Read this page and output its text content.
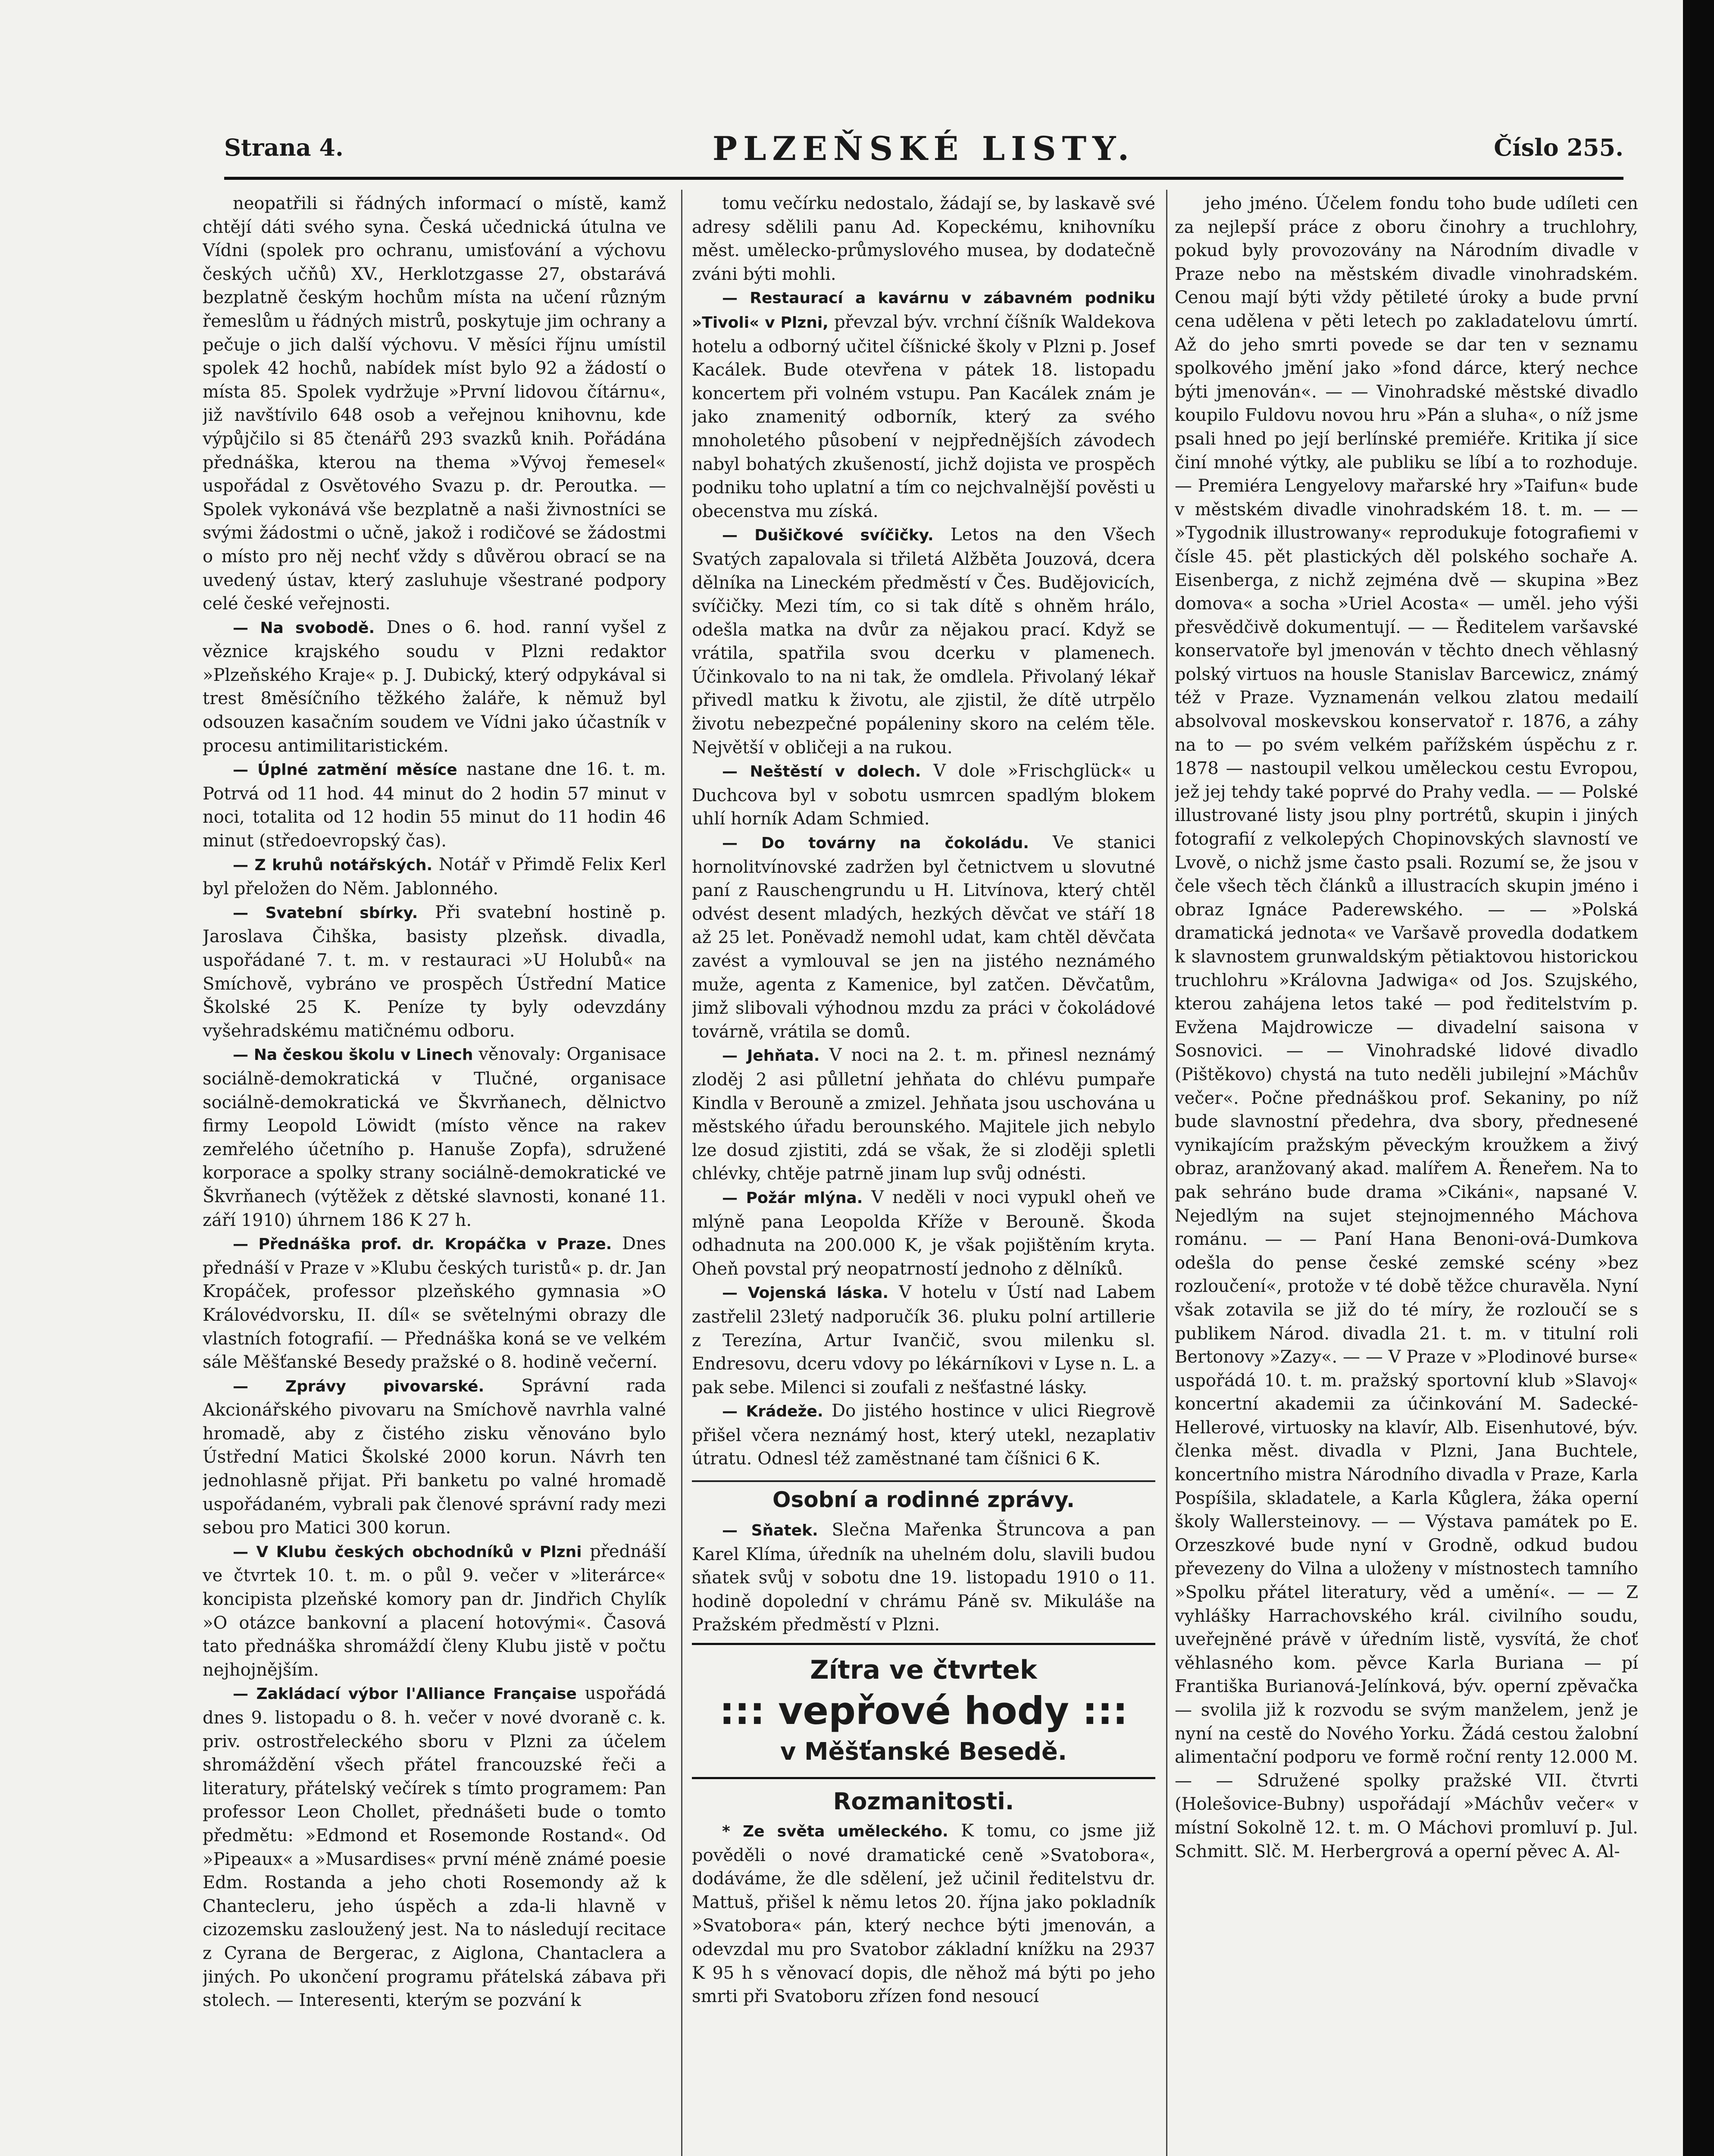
Strana 4.	PLZEŇSKÉ LISTY.	Číslo 255.

neopatřili si řádných informací o místě, kamž chtějí dáti svého syna. Česká učednická útulna ve Vídni (spolek pro ochranu, umisťování a výchovu českých učňů) XV., Herklotzgasse 27, obstarává bezplatně českým hochům místa na učení různým řemeslům u řádných mistrů, poskytuje jim ochrany a pečuje o jich další výchovu. V měsíci říjnu umístil spolek 42 hochů, nabídek míst bylo 92 a žádostí o místa 85. Spolek vydržuje »První lidovou čítárnu«, již navštívilo 648 osob a veřejnou knihovnu, kde výpůjčilo si 85 čtenářů 293 svazků knih. Pořádána přednáška, kterou na thema »Vývoj řemesel« uspořádal z Osvětového Svazu p. dr. Peroutka. — Spolek vykonává vše bezplatně a naši živnostníci se svými žádostmi o učně, jakož i rodičové se žádostmi o místo pro něj nechť vždy s důvěrou obrací se na uvedený ústav, který zasluhuje všestrané podpory celé české veřejnosti.

— Na svobodě. Dnes o 6. hod. ranní vyšel z věznice krajského soudu v Plzni redaktor »Plzeňského Kraje« p. J. Dubický, který odpykával si trest 8měsíčního těžkého žaláře, k němuž byl odsouzen kasačním soudem ve Vídni jako účastník v procesu antimilitaristickém.

— Úplné zatmění měsíce nastane dne 16. t. m. Potrvá od 11 hod. 44 minut do 2 hodin 57 minut v noci, totalita od 12 hodin 55 minut do 11 hodin 46 minut (středoevropský čas).

— Z kruhů notářských. Notář v Přimdě Felix Kerl byl přeložen do Něm. Jablonného.

— Svatební sbírky. Při svatební hostině p. Jaroslava Čihška, basisty plzeňsk. divadla, uspořádané 7. t. m. v restauraci »U Holubů« na Smíchově, vybráno ve prospěch Ústřední Matice Školské 25 K. Peníze ty byly odevzdány vyšehradskému matičnému odboru.

— Na českou školu v Linech věnovaly: Organisace sociálně-demokratická v Tlučné, organisace sociálně-demokratická ve Škvrňanech, dělnictvo firmy Leopold Löwidt (místo věnce na rakev zemřelého účetního p. Hanuše Zopfa), sdružené korporace a spolky strany sociálně-demokratické ve Škvrňanech (výtěžek z dětské slavnosti, konané 11. září 1910) úhrnem 186 K 27 h.

— Přednáška prof. dr. Kropáčka v Praze. Dnes přednáší v Praze v »Klubu českých turistů« p. dr. Jan Kropáček, professor plzeňského gymnasia »O Královédvorsku, II. díl« se světelnými obrazy dle vlastních fotografií. — Přednáška koná se ve velkém sále Měšťanské Besedy pražské o 8. hodině večerní.

— Zprávy pivovarské. Správní rada Akcionářského pivovaru na Smíchově navrhla valné hromadě, aby z čistého zisku věnováno bylo Ústřední Matici Školské 2000 korun. Návrh ten jednohlasně přijat. Při banketu po valné hromadě uspořádaném, vybrali pak členové správní rady mezi sebou pro Matici 300 korun.

— V Klubu českých obchodníků v Plzni přednáší ve čtvrtek 10. t. m. o půl 9. večer v »literárce« koncipista plzeňské komory pan dr. Jindřich Chylík »O otázce bankovní a placení hotovými«. Časová tato přednáška shromáždí členy Klubu jistě v počtu nejhojnějším.

— Zakládací výbor l'Alliance Française uspořádá dnes 9. listopadu o 8. h. večer v nové dvoraně c. k. priv. ostrostřeleckého sboru v Plzni za účelem shromáždění všech přátel francouzské řeči a literatury, přátelský večírek s tímto programem: Pan professor Leon Chollet, přednášeti bude o tomto předmětu: »Edmond et Rosemonde Rostand«. Od »Pipeaux« a »Musardises« první méně známé poesie Edm. Rostanda a jeho choti Rosemondy až k Chantecleru, jeho úspěch a zda-li hlavně v cizozemsku zasloužený jest. Na to následují recitace z Cyrana de Bergerac, z Aiglona, Chantaclera a jiných. Po ukončení programu přátelská zábava při stolech. — Interesenti, kterým se pozvání k

tomu večírku nedostalo, žádají se, by laskavě své adresy sdělili panu Ad. Kopeckému, knihovníku měst. umělecko-průmyslového musea, by dodatečně zváni býti mohli.

— Restaurací a kavárnu v zábavném podniku »Tivoli« v Plzni, převzal býv. vrchní číšník Waldekova hotelu a odborný učitel číšnické školy v Plzni p. Josef Kacálek. Bude otevřena v pátek 18. listopadu koncertem při volném vstupu. Pan Kacálek znám je jako znamenitý odborník, který za svého mnoholetého působení v nejpřednějších závodech nabyl bohatých zkušeností, jichž dojista ve prospěch podniku toho uplatní a tím co nejchvalnější pověsti u obecenstva mu získá.

— Dušičkové svíčičky. Letos na den Všech Svatých zapalovala si třiletá Alžběta Jouzová, dcera dělníka na Lineckém předměstí v Čes. Budějovicích, svíčičky. Mezi tím, co si tak dítě s ohněm hrálo, odešla matka na dvůr za nějakou prací. Když se vrátila, spatřila svou dcerku v plamenech. Účinkovalo to na ni tak, že omdlela. Přivolaný lékař přivedl matku k životu, ale zjistil, že dítě utrpělo životu nebezpečné popáleniny skoro na celém těle. Největší v obličeji a na rukou.

— Neštěstí v dolech. V dole »Frischglück« u Duchcova byl v sobotu usmrcen spadlým blokem uhlí horník Adam Schmied.

— Do továrny na čokoládu. Ve stanici hornolitvínovské zadržen byl četnictvem u slovutné paní z Rauschengrundu u H. Litvínova, který chtěl odvést desent mladých, hezkých děvčat ve stáří 18 až 25 let. Poněvadž nemohl udat, kam chtěl děvčata zavést a vymlouval se jen na jistého neznámého muže, agenta z Kamenice, byl zatčen. Děvčatům, jimž slibovali výhodnou mzdu za práci v čokoládové továrně, vrátila se domů.

— Jehňata. V noci na 2. t. m. přinesl neznámý zloděj 2 asi půlletní jehňata do chlévu pumpaře Kindla v Berouně a zmizel. Jehňata jsou uschována u městského úřadu berounského. Majitele jich nebylo lze dosud zjistiti, zdá se však, že si zloději spletli chlévky, chtěje patrně jinam lup svůj odnésti.

— Požár mlýna. V neděli v noci vypukl oheň ve mlýně pana Leopolda Kříže v Berouně. Škoda odhadnuta na 200.000 K, je však pojištěním kryta. Oheň povstal prý neopatrností jednoho z dělníků.

— Vojenská láska. V hotelu v Ústí nad Labem zastřelil 23letý nadporučík 36. pluku polní artillerie z Terezína, Artur Ivančič, svou milenku sl. Endresovu, dceru vdovy po lékárníkovi v Lyse n. L. a pak sebe. Milenci si zoufali z nešťastné lásky.

— Krádeže. Do jistého hostince v ulici Riegrově přišel včera neznámý host, který utekl, nezaplativ útratu. Odnesl též zaměstnané tam číšnici 6 K.

Osobní a rodinné zprávy.

— Sňatek. Slečna Mařenka Štruncova a pan Karel Klíma, úředník na uhelném dolu, slavili budou sňatek svůj v sobotu dne 19. listopadu 1910 o 11. hodině dopolední v chrámu Páně sv. Mikuláše na Pražském předměstí v Plzni.

Zítra ve čtvrtek
::: vepřové hody :::
v Měšťanské Besedě.
Rozmanitosti.

* Ze světa uměleckého. K tomu, co jsme již pověděli o nové dramatické ceně »Svatobora«, dodáváme, že dle sdělení, jež učinil ředitelstvu dr. Mattuš, přišel k němu letos 20. října jako pokladník »Svatobora« pán, který nechce býti jmenován, a odevzdal mu pro Svatobor základní knížku na 2937 K 95 h s věnovací dopis, dle něhož má býti po jeho smrti při Svatoboru zřízen fond nesoucí

jeho jméno. Účelem fondu toho bude udíleti cen za nejlepší práce z oboru činohry a truchlohry, pokud byly provozovány na Národním divadle v Praze nebo na městském divadle vinohradském. Cenou mají býti vždy pětileté úroky a bude první cena udělena v pěti letech po zakladatelovu úmrtí. Až do jeho smrti povede se dar ten v seznamu spolkového jmění jako »fond dárce, který nechce býti jmenován«. — — Vinohradské městské divadlo koupilo Fuldovu novou hru »Pán a sluha«, o níž jsme psali hned po její berlínské premiéře. Kritika jí sice činí mnohé výtky, ale publiku se líbí a to rozhoduje. — Premiéra Lengyelovy mařarské hry »Taifun« bude v městském divadle vinohradském 18. t. m. — — »Tygodnik illustrowany« reprodukuje fotografiemi v čísle 45. pět plastických děl polského sochaře A. Eisenberga, z nichž zejména dvě — skupina »Bez domova« a socha »Uriel Acosta« — uměl. jeho výši přesvědčivě dokumentují. — — Ředitelem varšavské konservatoře byl jmenován v těchto dnech věhlasný polský virtuos na housle Stanislav Barcewicz, známý též v Praze. Vyznamenán velkou zlatou medailí absolvoval moskevskou konservatoř r. 1876, a záhy na to — po svém velkém pařížském úspěchu z r. 1878 — nastoupil velkou uměleckou cestu Evropou, jež jej tehdy také poprvé do Prahy vedla. — — Polské illustrované listy jsou plny portrétů, skupin i jiných fotografií z velkolepých Chopinovských slavností ve Lvově, o nichž jsme často psali. Rozumí se, že jsou v čele všech těch článků a illustracích skupin jméno i obraz Ignáce Paderewského. — — »Polská dramatická jednota« ve Varšavě provedla dodatkem k slavnostem grunwaldským pětiaktovou historickou truchlohru »Královna Jadwiga« od Jos. Szujského, kterou zahájena letos také — pod ředitelstvím p. Evžena Majdrowicze — divadelní saisona v Sosnovici. — — Vinohradské lidové divadlo (Pištěkovo) chystá na tuto neděli jubilejní »Máchův večer«. Počne přednáškou prof. Sekaniny, po níž bude slavnostní předehra, dva sbory, přednesené vynikajícím pražským pěveckým kroužkem a živý obraz, aranžovaný akad. malířem A. Řeneřem. Na to pak sehráno bude drama »Cikáni«, napsané V. Nejedlým na sujet stejnojmenného Máchova románu. — — Paní Hana Benoni-ová-Dumkova odešla do pense české zemské scény »bez rozloučení«, protože v té době těžce churavěla. Nyní však zotavila se již do té míry, že rozloučí se s publikem Národ. divadla 21. t. m. v titulní roli Bertonovy »Zazy«. — — V Praze v »Plodinové burse« uspořádá 10. t. m. pražský sportovní klub »Slavoj« koncertní akademii za účinkování M. Sadecké-Hellerové, virtuosky na klavír, Alb. Eisenhutové, býv. členka měst. divadla v Plzni, Jana Buchtele, koncertního mistra Národního divadla v Praze, Karla Pospíšila, skladatele, a Karla Kůglera, žáka operní školy Wallersteinovy. — — Výstava památek po E. Orzeszkové bude nyní v Grodně, odkud budou převezeny do Vilna a uloženy v místnostech tamního »Spolku přátel literatury, věd a umění«. — — Z vyhlášky Harrachovského král. civilního soudu, uveřejněné právě v úředním listě, vysvítá, že choť věhlasného kom. pěvce Karla Buriana — pí Františka Burianová-Jelínková, býv. operní zpěvačka — svolila již k rozvodu se svým manželem, jenž je nyní na cestě do Nového Yorku. Žádá cestou žalobní alimentační podporu ve formě roční renty 12.000 M. — — Sdružené spolky pražské VII. čtvrti (Holešovice-Bubny) uspořádají »Máchův večer« v místní Sokolně 12. t. m. O Máchovi promluví p. Jul. Schmitt. Slč. M. Herbergrová a operní pěvec A. Al-
